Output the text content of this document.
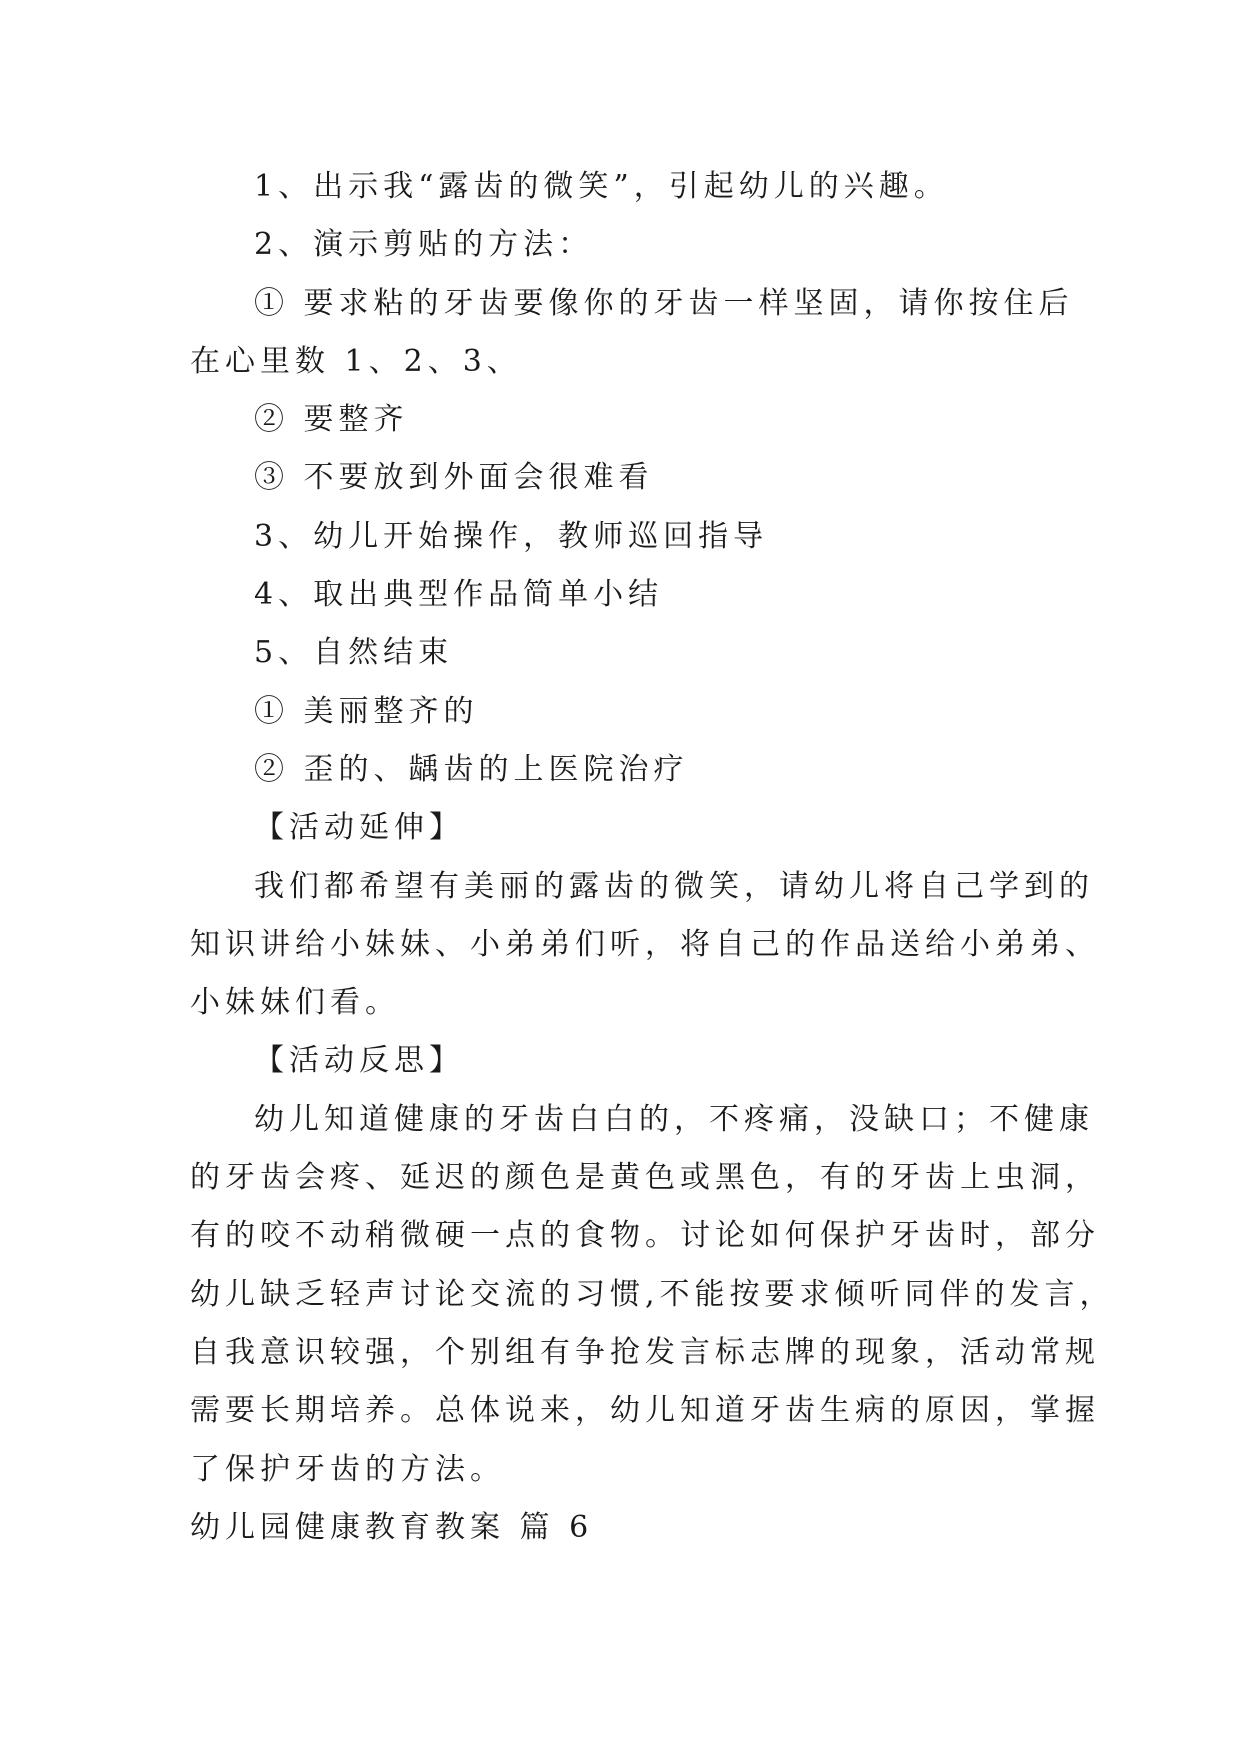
1、出示我“露齿的微笑”，引起幼儿的兴趣。
2、演示剪贴的方法：
① 要求粘的牙齿要像你的牙齿一样坚固，请你按住后
在心里数 1、2、3、
② 要整齐
③ 不要放到外面会很难看
3、幼儿开始操作，教师巡回指导
4、取出典型作品简单小结
5、自然结束
① 美丽整齐的
② 歪的、龋齿的上医院治疗
【活动延伸】
我们都希望有美丽的露齿的微笑，请幼儿将自己学到的
知识讲给小妹妹、小弟弟们听，将自己的作品送给小弟弟、
小妹妹们看。
【活动反思】
幼儿知道健康的牙齿白白的，不疼痛，没缺口；不健康
的牙齿会疼、延迟的颜色是黄色或黑色，有的牙齿上虫洞，
有的咬不动稍微硬一点的食物。讨论如何保护牙齿时，部分
幼儿缺乏轻声讨论交流的习惯,不能按要求倾听同伴的发言，
自我意识较强，个别组有争抢发言标志牌的现象，活动常规
需要长期培养。总体说来，幼儿知道牙齿生病的原因，掌握
了保护牙齿的方法。
幼儿园健康教育教案 篇 6
